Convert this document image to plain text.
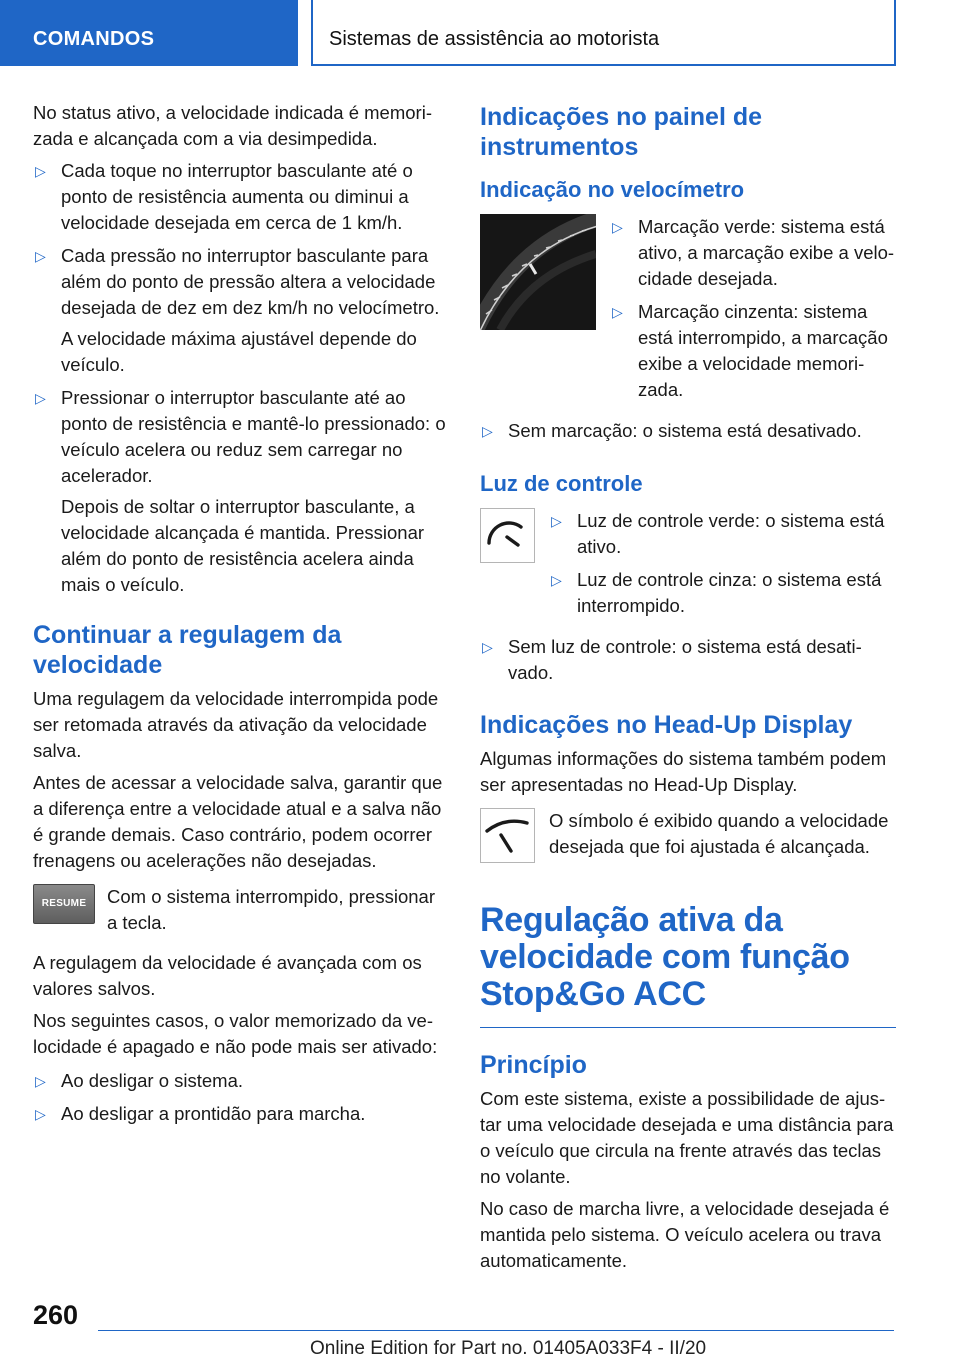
COMANDOS	Sistemas de assistência ao motorista

No status ativo, a velocidade indicada é memorizada e alcançada com a via desimpedida.

▷ Cada toque no interruptor basculante até o ponto de resistência aumenta ou diminui a velocidade desejada em cerca de 1 km/h.
▷ Cada pressão no interruptor basculante para além do ponto de pressão altera a velocidade desejada de dez em dez km/h no velocímetro.

A velocidade máxima ajustável depende do veículo.

▷ Pressionar o interruptor basculante até ao ponto de resistência e mantê-lo pressionado: o veículo acelera ou reduz sem carregar no acelerador.

Depois de soltar o interruptor basculante, a velocidade alcançada é mantida. Pressionar além do ponto de resistência acelera ainda mais o veículo.

Continuar a regulagem da velocidade

Uma regulagem da velocidade interrompida pode ser retomada através da ativação da velocidade salva.

Antes de acessar a velocidade salva, garantir que a diferença entre a velocidade atual e a salva não é grande demais. Caso contrário, podem ocorrer frenagens ou acelerações não desejadas.

RESUME	Com o sistema interrompido, pressionar a tecla.

A regulagem da velocidade é avançada com os valores salvos.

Nos seguintes casos, o valor memorizado da velocidade é apagado e não pode mais ser ativado:

▷ Ao desligar o sistema.
▷ Ao desligar a prontidão para marcha.
Indicações no painel de instrumentos
Indicação no velocímetro
▷ Marcação verde: sistema está ativo, a marcação exibe a velocidade desejada.
▷ Marcação cinzenta: sistema está interrompido, a marcação exibe a velocidade memorizada.
▷ Sem marcação: o sistema está desativado.
Luz de controle
▷ Luz de controle verde: o sistema está ativo.
▷ Luz de controle cinza: o sistema está interrompido.
▷ Sem luz de controle: o sistema está desativado.
Indicações no Head-Up Display

Algumas informações do sistema também podem ser apresentadas no Head-Up Display.

O símbolo é exibido quando a velocidade desejada que foi ajustada é alcançada.

Regulação ativa da velocidade com função Stop&Go ACC
Princípio

Com este sistema, existe a possibilidade de ajustar uma velocidade desejada e uma distância para o veículo que circula na frente através das teclas no volante.

No caso de marcha livre, a velocidade desejada é mantida pelo sistema. O veículo acelera ou trava automaticamente.

260
Online Edition for Part no. 01405A033F4 - II/20
